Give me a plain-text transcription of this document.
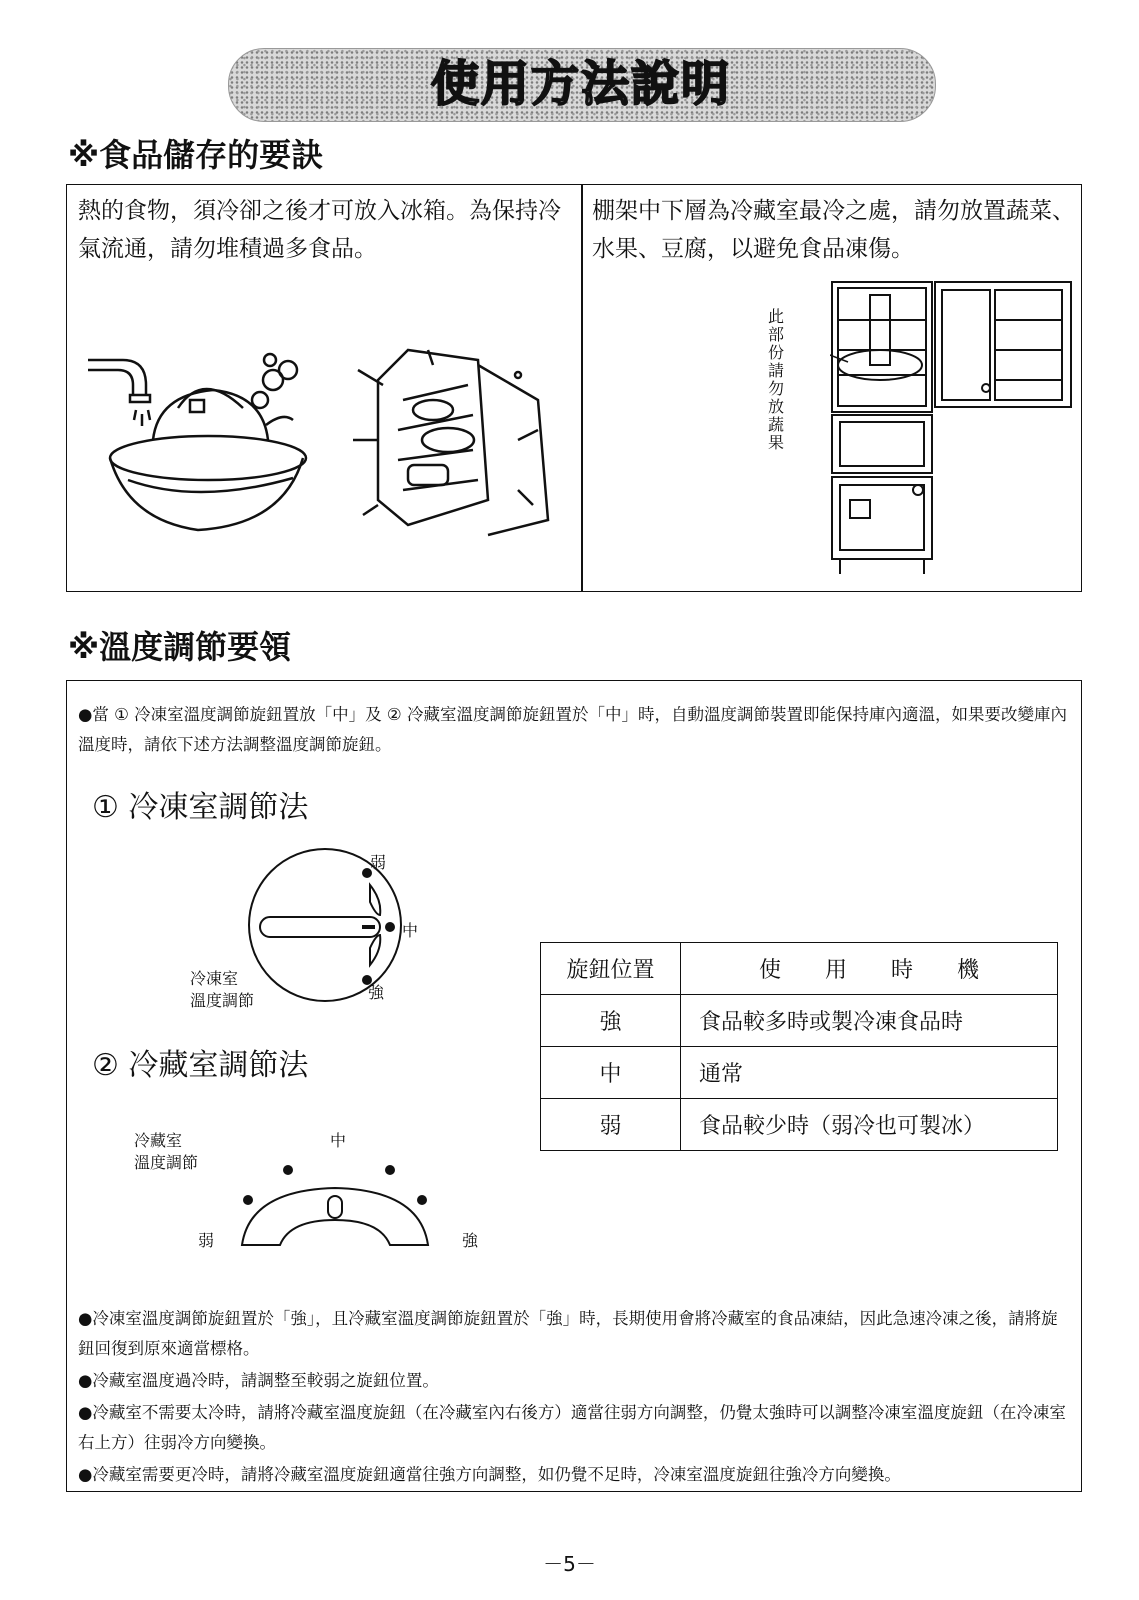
使用方法說明
※食品儲存的要訣
熱的食物，須冷卻之後才可放入冰箱。為保持冷氣流通，請勿堆積過多食品。
棚架中下層為冷藏室最冷之處，請勿放置蔬菜、水果、豆腐，以避免食品凍傷。
此部份請勿放蔬果
※溫度調節要領
●當 ① 冷凍室溫度調節旋鈕置放「中」及 ② 冷藏室溫度調節旋鈕置於「中」時，自動溫度調節裝置即能保持庫內適溫，如果要改變庫內溫度時，請依下述方法調整溫度調節旋鈕。
① 冷凍室調節法
弱
中
強
冷凍室
溫度調節
② 冷藏室調節法
冷藏室
溫度調節
中
弱	強
旋鈕位置	使　　用　　時　　機
強	食品較多時或製冷凍食品時
中	通常
弱	食品較少時（弱冷也可製冰）
●冷凍室溫度調節旋鈕置於「強」，且冷藏室溫度調節旋鈕置於「強」時，長期使用會將冷藏室的食品凍結，因此急速冷凍之後，請將旋鈕回復到原來適當標格。
●冷藏室溫度過冷時，請調整至較弱之旋鈕位置。
●冷藏室不需要太冷時，請將冷藏室溫度旋鈕（在冷藏室內右後方）適當往弱方向調整，仍覺太強時可以調整冷凍室溫度旋鈕（在冷凍室右上方）往弱冷方向變換。
●冷藏室需要更冷時，請將冷藏室溫度旋鈕適當往強方向調整，如仍覺不足時，冷凍室溫度旋鈕往強冷方向變換。
－5－
